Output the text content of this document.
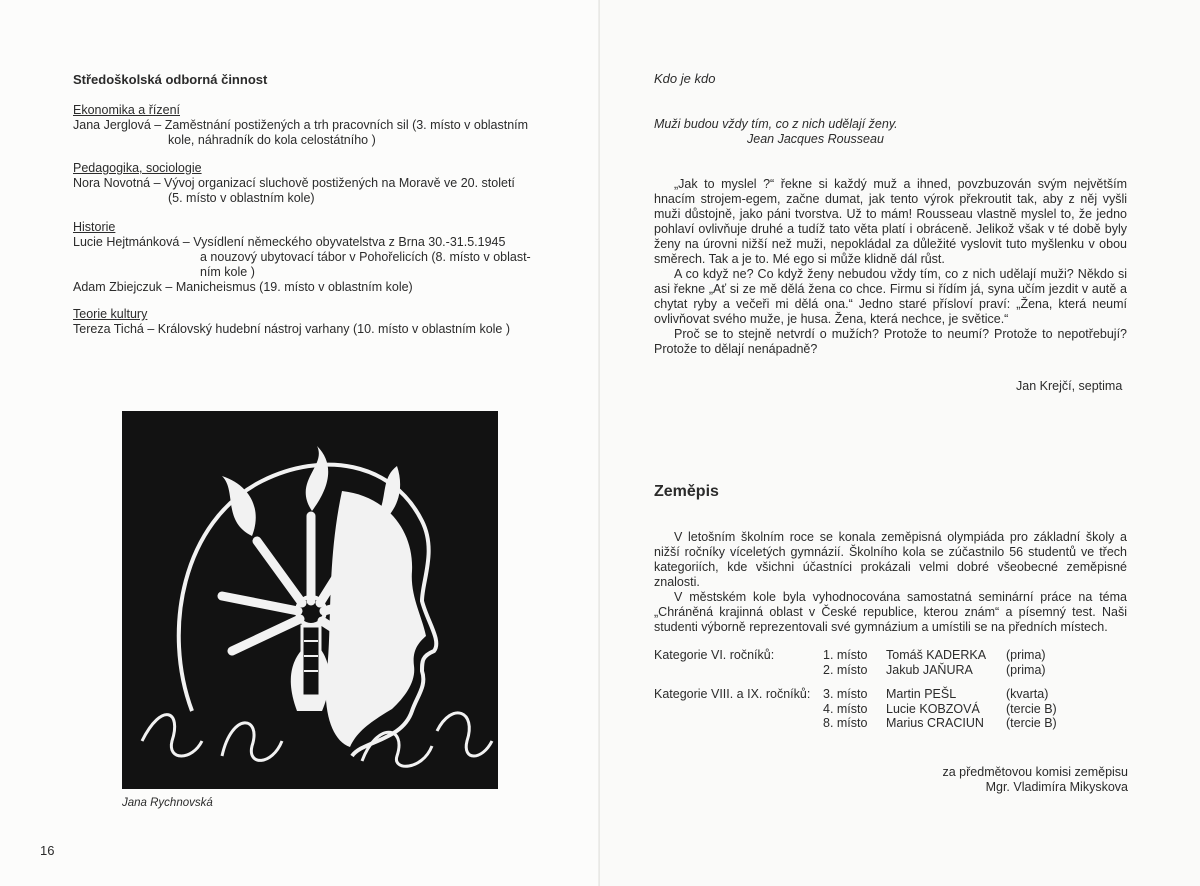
Středoškolská odborná činnost
Ekonomika a řízení
Jana Jerglová – Zaměstnání postižených a trh pracovních sil (3. místo v oblastním
kole, náhradník do kola celostátního )
Pedagogika, sociologie
Nora Novotná – Vývoj organizací sluchově postižených na Moravě ve 20. století
(5. místo v oblastním kole)
Historie
Lucie Hejtmánková – Vysídlení německého obyvatelstva z Brna 30.-31.5.1945
a nouzový ubytovací tábor v Pohořelicích (8. místo v oblast-
ním kole )
Adam Zbiejczuk – Manicheismus (19. místo v oblastním kole)
Teorie kultury
Tereza Tichá – Královský hudební nástroj varhany (10. místo v oblastním kole )
Jana Rychnovská
16
Kdo je kdo
Muži budou vždy tím, co z nich udělají ženy.
Jean Jacques Rousseau
„Jak to myslel ?“ řekne si každý muž a ihned, povzbuzován svým největším hnacím strojem-egem, začne dumat, jak tento výrok překroutit tak, aby z něj vyšli muži důstojně, jako páni tvorstva. Už to mám! Rousseau vlastně myslel to, že jedno pohlaví ovlivňuje druhé a tudíž tato věta platí i obráceně. Jelikož však v té době byly ženy na úrovni nižší než muži, nepokládal za důležité vyslovit tuto myšlenku v obou směrech. Tak a je to. Mé ego si může klidně dál růst.
A co když ne? Co když ženy nebudou vždy tím, co z nich udělají muži? Někdo si asi řekne „Ať si ze mě dělá žena co chce. Firmu si řídím já, syna učím jezdit v autě a chytat ryby a večeři mi dělá ona.“ Jedno staré přísloví praví: „Žena, která neumí ovlivňovat svého muže, je husa. Žena, která nechce, je světice.“
Proč se to stejně netvrdí o mužích? Protože to neumí? Protože to nepotřebují? Protože to dělají nenápadně?
Jan Krejčí, septima
Zeměpis
V letošním školním roce se konala zeměpisná olympiáda pro základní školy a nižší ročníky víceletých gymnázií. Školního kola se zúčastnilo 56 studentů ve třech kategoriích, kde všichni účastníci prokázali velmi dobré všeobecné zeměpisné znalosti.
V městském kole byla vyhodnocována samostatná seminární práce na téma „Chráněná krajinná oblast v České republice, kterou znám“ a písemný test. Naši studenti výborně reprezentovali své gymnázium a umístili se na předních místech.
Kategorie VI. ročníků:	1. místo	Tomáš KADERKA	(prima)
	2. místo	Jakub JAŇURA	(prima)

Kategorie VIII. a IX. ročníků:	3. místo	Martin PEŠL	(kvarta)
	4. místo	Lucie KOBZOVÁ	(tercie B)
	8. místo	Marius CRACIUN	(tercie B)
za předmětovou komisi zeměpisu
Mgr. Vladimíra Mikyskova
